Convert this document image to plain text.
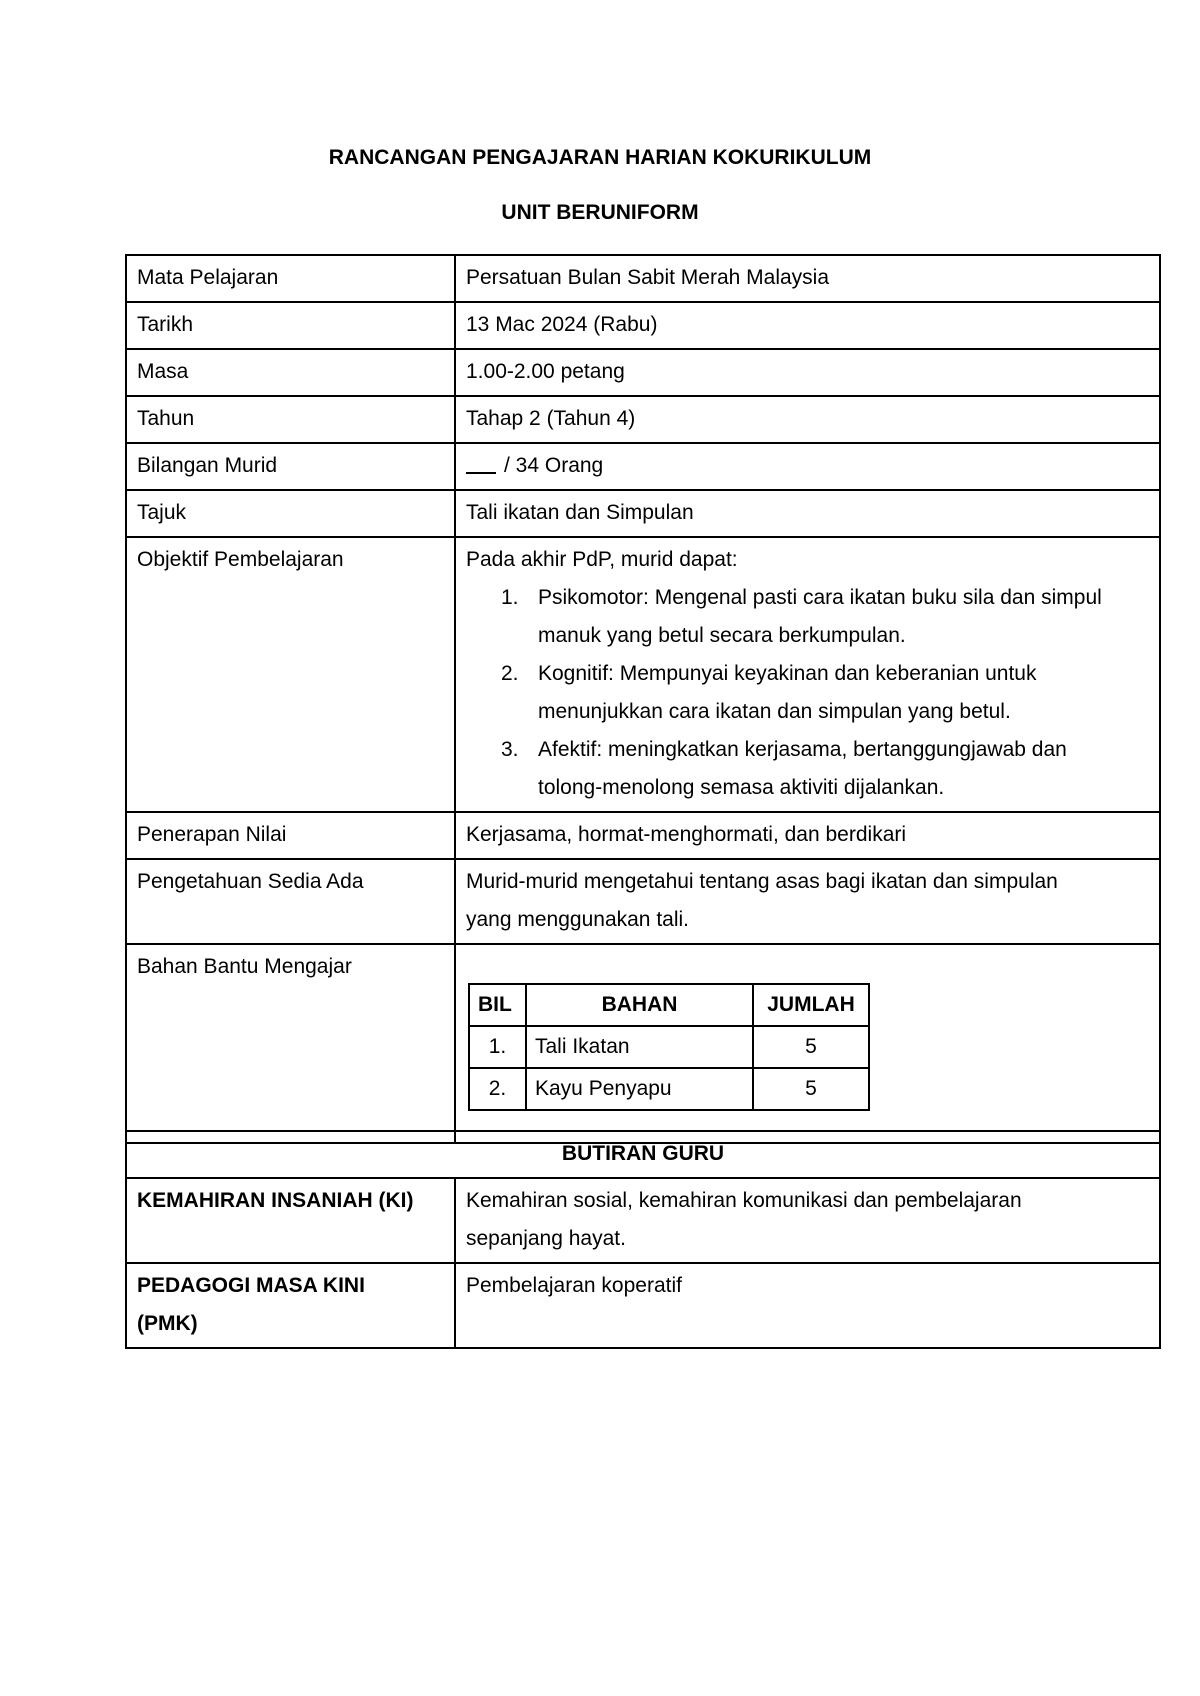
RANCANGAN PENGAJARAN HARIAN KOKURIKULUM
UNIT BERUNIFORM
Mata Pelajaran	Persatuan Bulan Sabit Merah Malaysia
Tarikh	13 Mac 2024 (Rabu)
Masa	1.00-2.00 petang
Tahun	Tahap 2 (Tahun 4)
Bilangan Murid	/ 34 Orang
Tajuk	Tali ikatan dan Simpulan
Objektif Pembelajaran	Pada akhir PdP, murid dapat:
1. Psikomotor: Mengenal pasti cara ikatan buku sila dan simpul
manuk yang betul secara berkumpulan.
2. Kognitif: Mempunyai keyakinan dan keberanian untuk
menunjukkan cara ikatan dan simpulan yang betul.
3. Afektif: meningkatkan kerjasama, bertanggungjawab dan
tolong-menolong semasa aktiviti dijalankan.

Penerapan Nilai	Kerjasama, hormat-menghormati, dan berdikari
Pengetahuan Sedia Ada	Murid-murid mengetahui tentang asas bagi ikatan dan simpulan
yang menggunakan tali.

Bahan Bantu Mengajar	
BIL	BAHAN	JUMLAH
1.	Tali Ikatan	5
2.	Kayu Penyapu	5
BUTIRAN GURU	
KEMAHIRAN INSANIAH (KI)	Kemahiran sosial, kemahiran komunikasi dan pembelajaran
sepanjang hayat.

PEDAGOGI MASA KINI
(PMK)	Pembelajaran koperatif
